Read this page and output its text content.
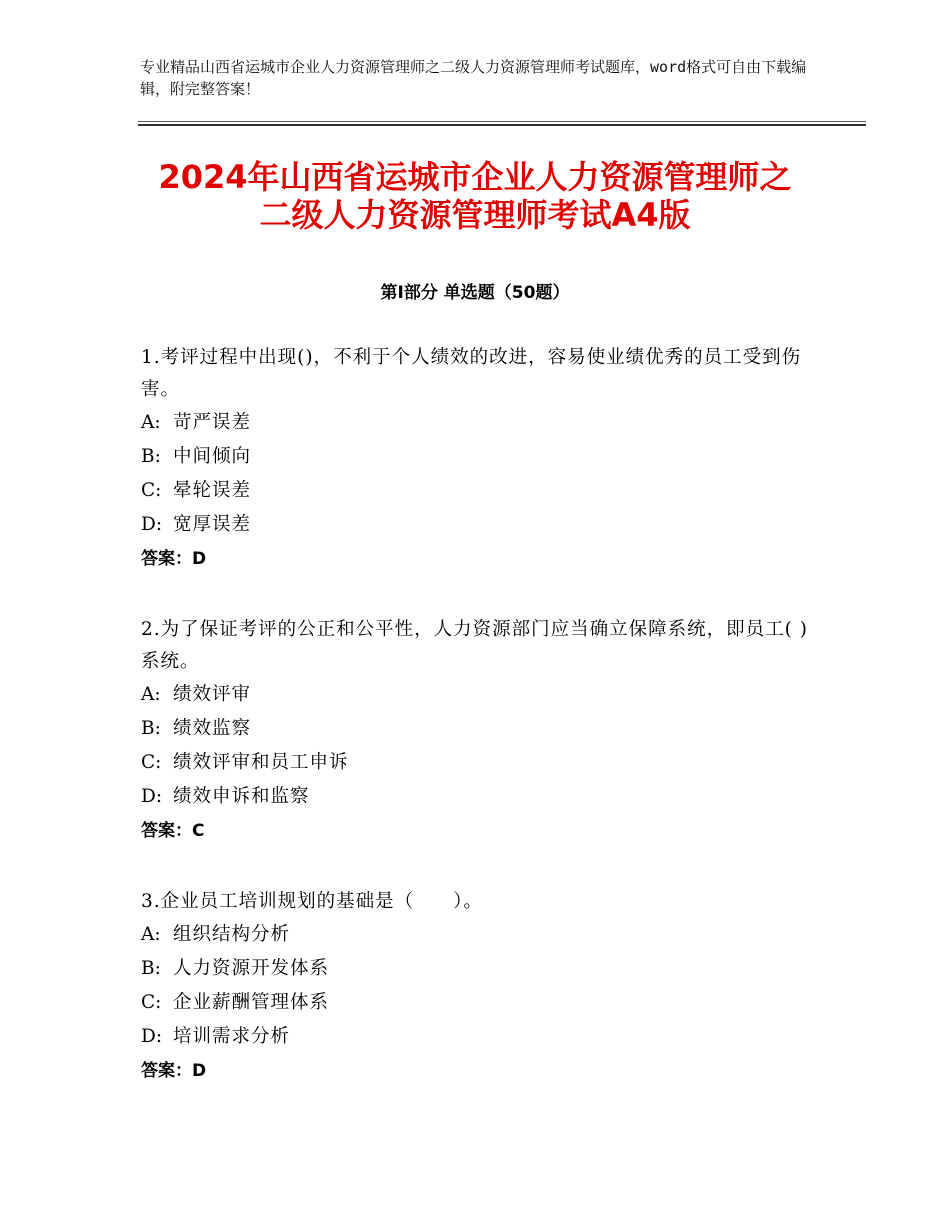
专业精品山西省运城市企业人力资源管理师之二级人力资源管理师考试题库，word格式可自由下载编辑，附完整答案！
2024年山西省运城市企业人力资源管理师之
二级人力资源管理师考试A4版
第Ⅰ部分 单选题（50题）

1.考评过程中出现()，不利于个人绩效的改进，容易使业绩优秀的员工受到伤害。

A: 苛严误差

B: 中间倾向

C: 晕轮误差

D: 宽厚误差

答案：D

2.为了保证考评的公正和公平性，人力资源部门应当确立保障系统，即员工( )系统。

A: 绩效评审

B: 绩效监察

C: 绩效评审和员工申诉

D: 绩效申诉和监察

答案：C

3.企业员工培训规划的基础是（　　）。

A: 组织结构分析

B: 人力资源开发体系

C: 企业薪酬管理体系

D: 培训需求分析

答案：D
